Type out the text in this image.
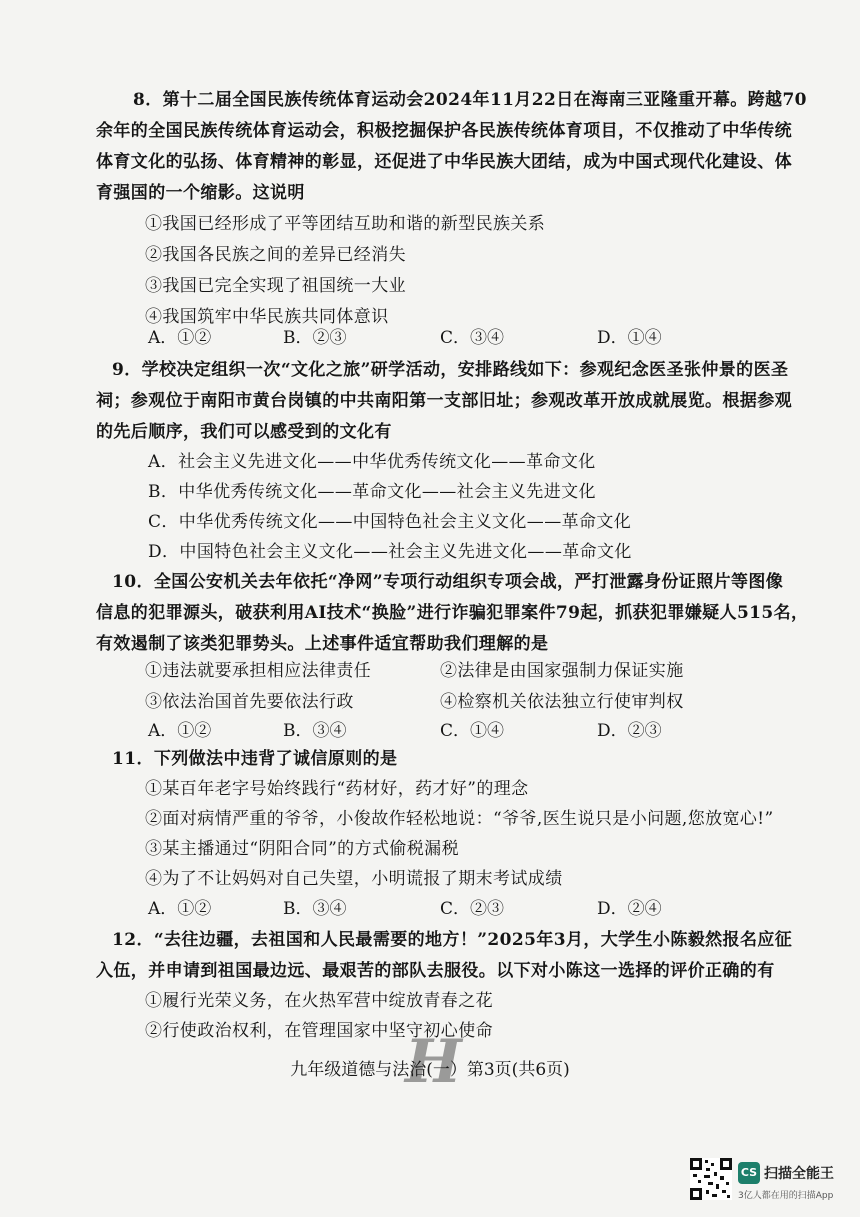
8．第十二届全国民族传统体育运动会2024年11月22日在海南三亚隆重开幕。跨越70
余年的全国民族传统体育运动会，积极挖掘保护各民族传统体育项目，不仅推动了中华传统
体育文化的弘扬、体育精神的彰显，还促进了中华民族大团结，成为中国式现代化建设、体
育强国的一个缩影。这说明
①我国已经形成了平等团结互助和谐的新型民族关系
②我国各民族之间的差异已经消失
③我国已完全实现了祖国统一大业
④我国筑牢中华民族共同体意识
A．①②	B．②③	C．③④	D．①④
9．学校决定组织一次“文化之旅”研学活动，安排路线如下：参观纪念医圣张仲景的医圣
祠；参观位于南阳市黄台岗镇的中共南阳第一支部旧址；参观改革开放成就展览。根据参观
的先后顺序，我们可以感受到的文化有
A．社会主义先进文化——中华优秀传统文化——革命文化
B．中华优秀传统文化——革命文化——社会主义先进文化
C．中华优秀传统文化——中国特色社会主义文化——革命文化
D．中国特色社会主义文化——社会主义先进文化——革命文化
10．全国公安机关去年依托“净网”专项行动组织专项会战，严打泄露身份证照片等图像
信息的犯罪源头，破获利用AI技术“换脸”进行诈骗犯罪案件79起，抓获犯罪嫌疑人515名，
有效遏制了该类犯罪势头。上述事件适宜帮助我们理解的是
①违法就要承担相应法律责任	②法律是由国家强制力保证实施
③依法治国首先要依法行政	④检察机关依法独立行使审判权
A．①②	B．③④	C．①④	D．②③
11．下列做法中违背了诚信原则的是
①某百年老字号始终践行“药材好，药才好”的理念
②面对病情严重的爷爷，小俊故作轻松地说：“爷爷,医生说只是小问题,您放宽心!”
③某主播通过“阴阳合同”的方式偷税漏税
④为了不让妈妈对自己失望，小明谎报了期末考试成绩
A．①②	B．③④	C．②③	D．②④
12．“去往边疆，去祖国和人民最需要的地方！”2025年3月，大学生小陈毅然报名应征
入伍，并申请到祖国最边远、最艰苦的部队去服役。以下对小陈这一选择的评价正确的有
①履行光荣义务，在火热军营中绽放青春之花
②行使政治权利，在管理国家中坚守初心使命
H
九年级道德与法治(一）第3页(共6页)
CS 扫描全能王
3亿人都在用的扫描App
